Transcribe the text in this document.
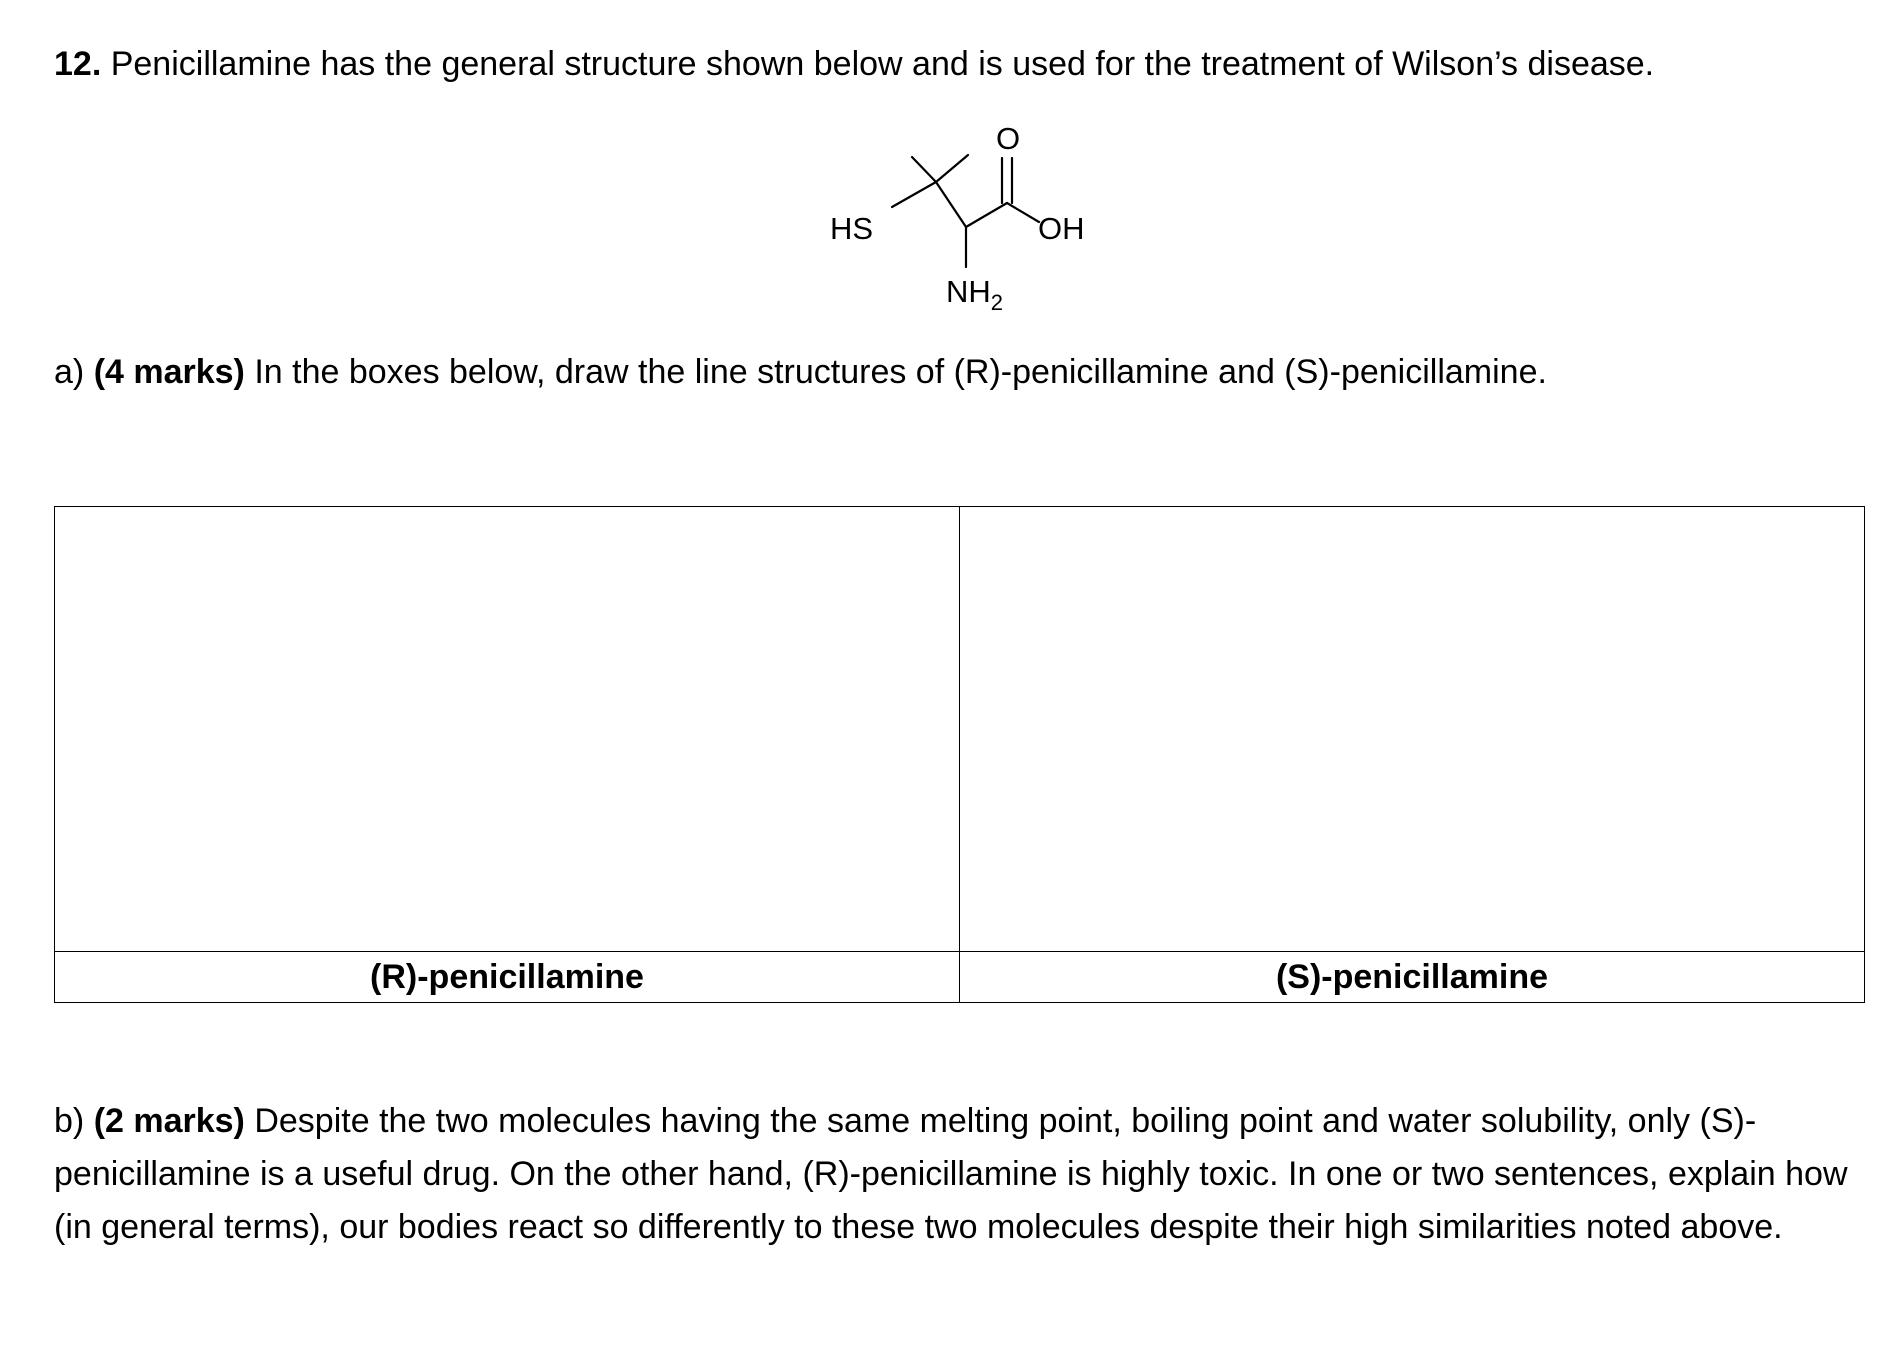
12. Penicillamine has the general structure shown below and is used for the treatment of Wilson’s disease.
HS
O
OH
$NH_2$
a) (4 marks) In the boxes below, draw the line structures of (R)-penicillamine and (S)-penicillamine.

(R)-penicillamine	(S)-penicillamine

b) (2 marks) Despite the two molecules having the same melting point, boiling point and water solubility, only (S)-penicillamine is a useful drug. On the other hand, (R)-penicillamine is highly toxic. In one or two sentences, explain how (in general terms), our bodies react so differently to these two molecules despite their high similarities noted above.
